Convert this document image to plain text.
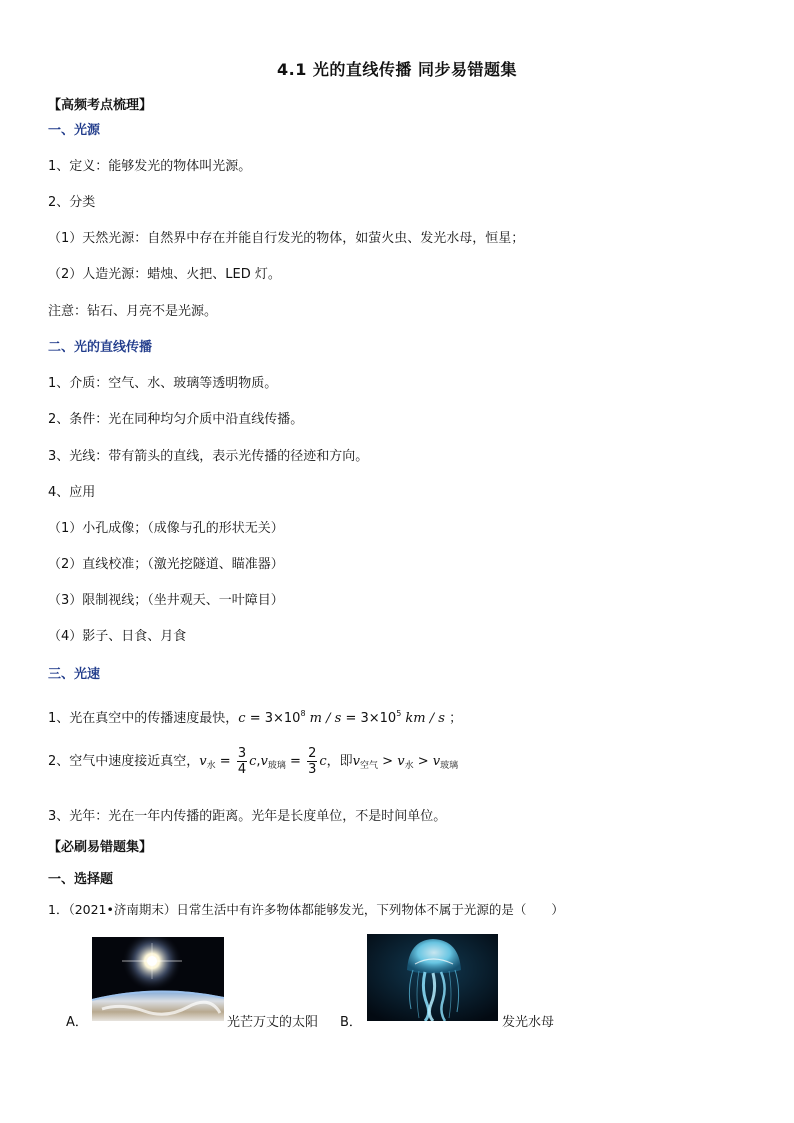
4.1 光的直线传播 同步易错题集
【高频考点梳理】
一、光源
1、定义：能够发光的物体叫光源。
2、分类
（1）天然光源：自然界中存在并能自行发光的物体，如萤火虫、发光水母，恒星；
（2）人造光源：蜡烛、火把、LED 灯。
注意：钻石、月亮不是光源。
二、光的直线传播
1、介质：空气、水、玻璃等透明物质。
2、条件：光在同种均匀介质中沿直线传播。
3、光线：带有箭头的直线，表示光传播的径迹和方向。
4、应用
（1）小孔成像；（成像与孔的形状无关）
（2）直线校准；（激光挖隧道、瞄准器）
（3）限制视线；（坐井观天、一叶障目）
（4）影子、日食、月食
三、光速
1、光在真空中的传播速度最快，$c = 3\times 10^8$ $m / s = 3\times 10^5$ km / s ；
2、空气中速度接近真空，$v_水 = \frac{3}{4} c,v_{玻璃} = \frac{2}{3}$ c，即$v_{空气} > v_水 > v_{玻璃}$
3、光年：光在一年内传播的距离。光年是长度单位，不是时间单位。
【必刷易错题集】
一、选择题
1．（2021•济南期末）日常生活中有许多物体都能够发光，下列物体不属于光源的是（　　）
A．	光芒万丈的太阳 B．	发光水母
